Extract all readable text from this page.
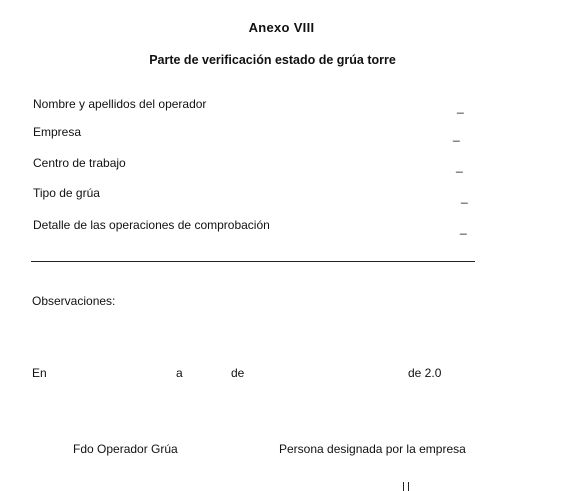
Anexo VIII
Parte de verificación estado de grúa torre
Nombre y apellidos del operador	_
Empresa	_
Centro de trabajo	_
Tipo de grúa	_
Detalle de las operaciones de comprobación	_
Observaciones:
En	a	de	de 2.0
Fdo Operador Grúa	Persona designada por la empresa
